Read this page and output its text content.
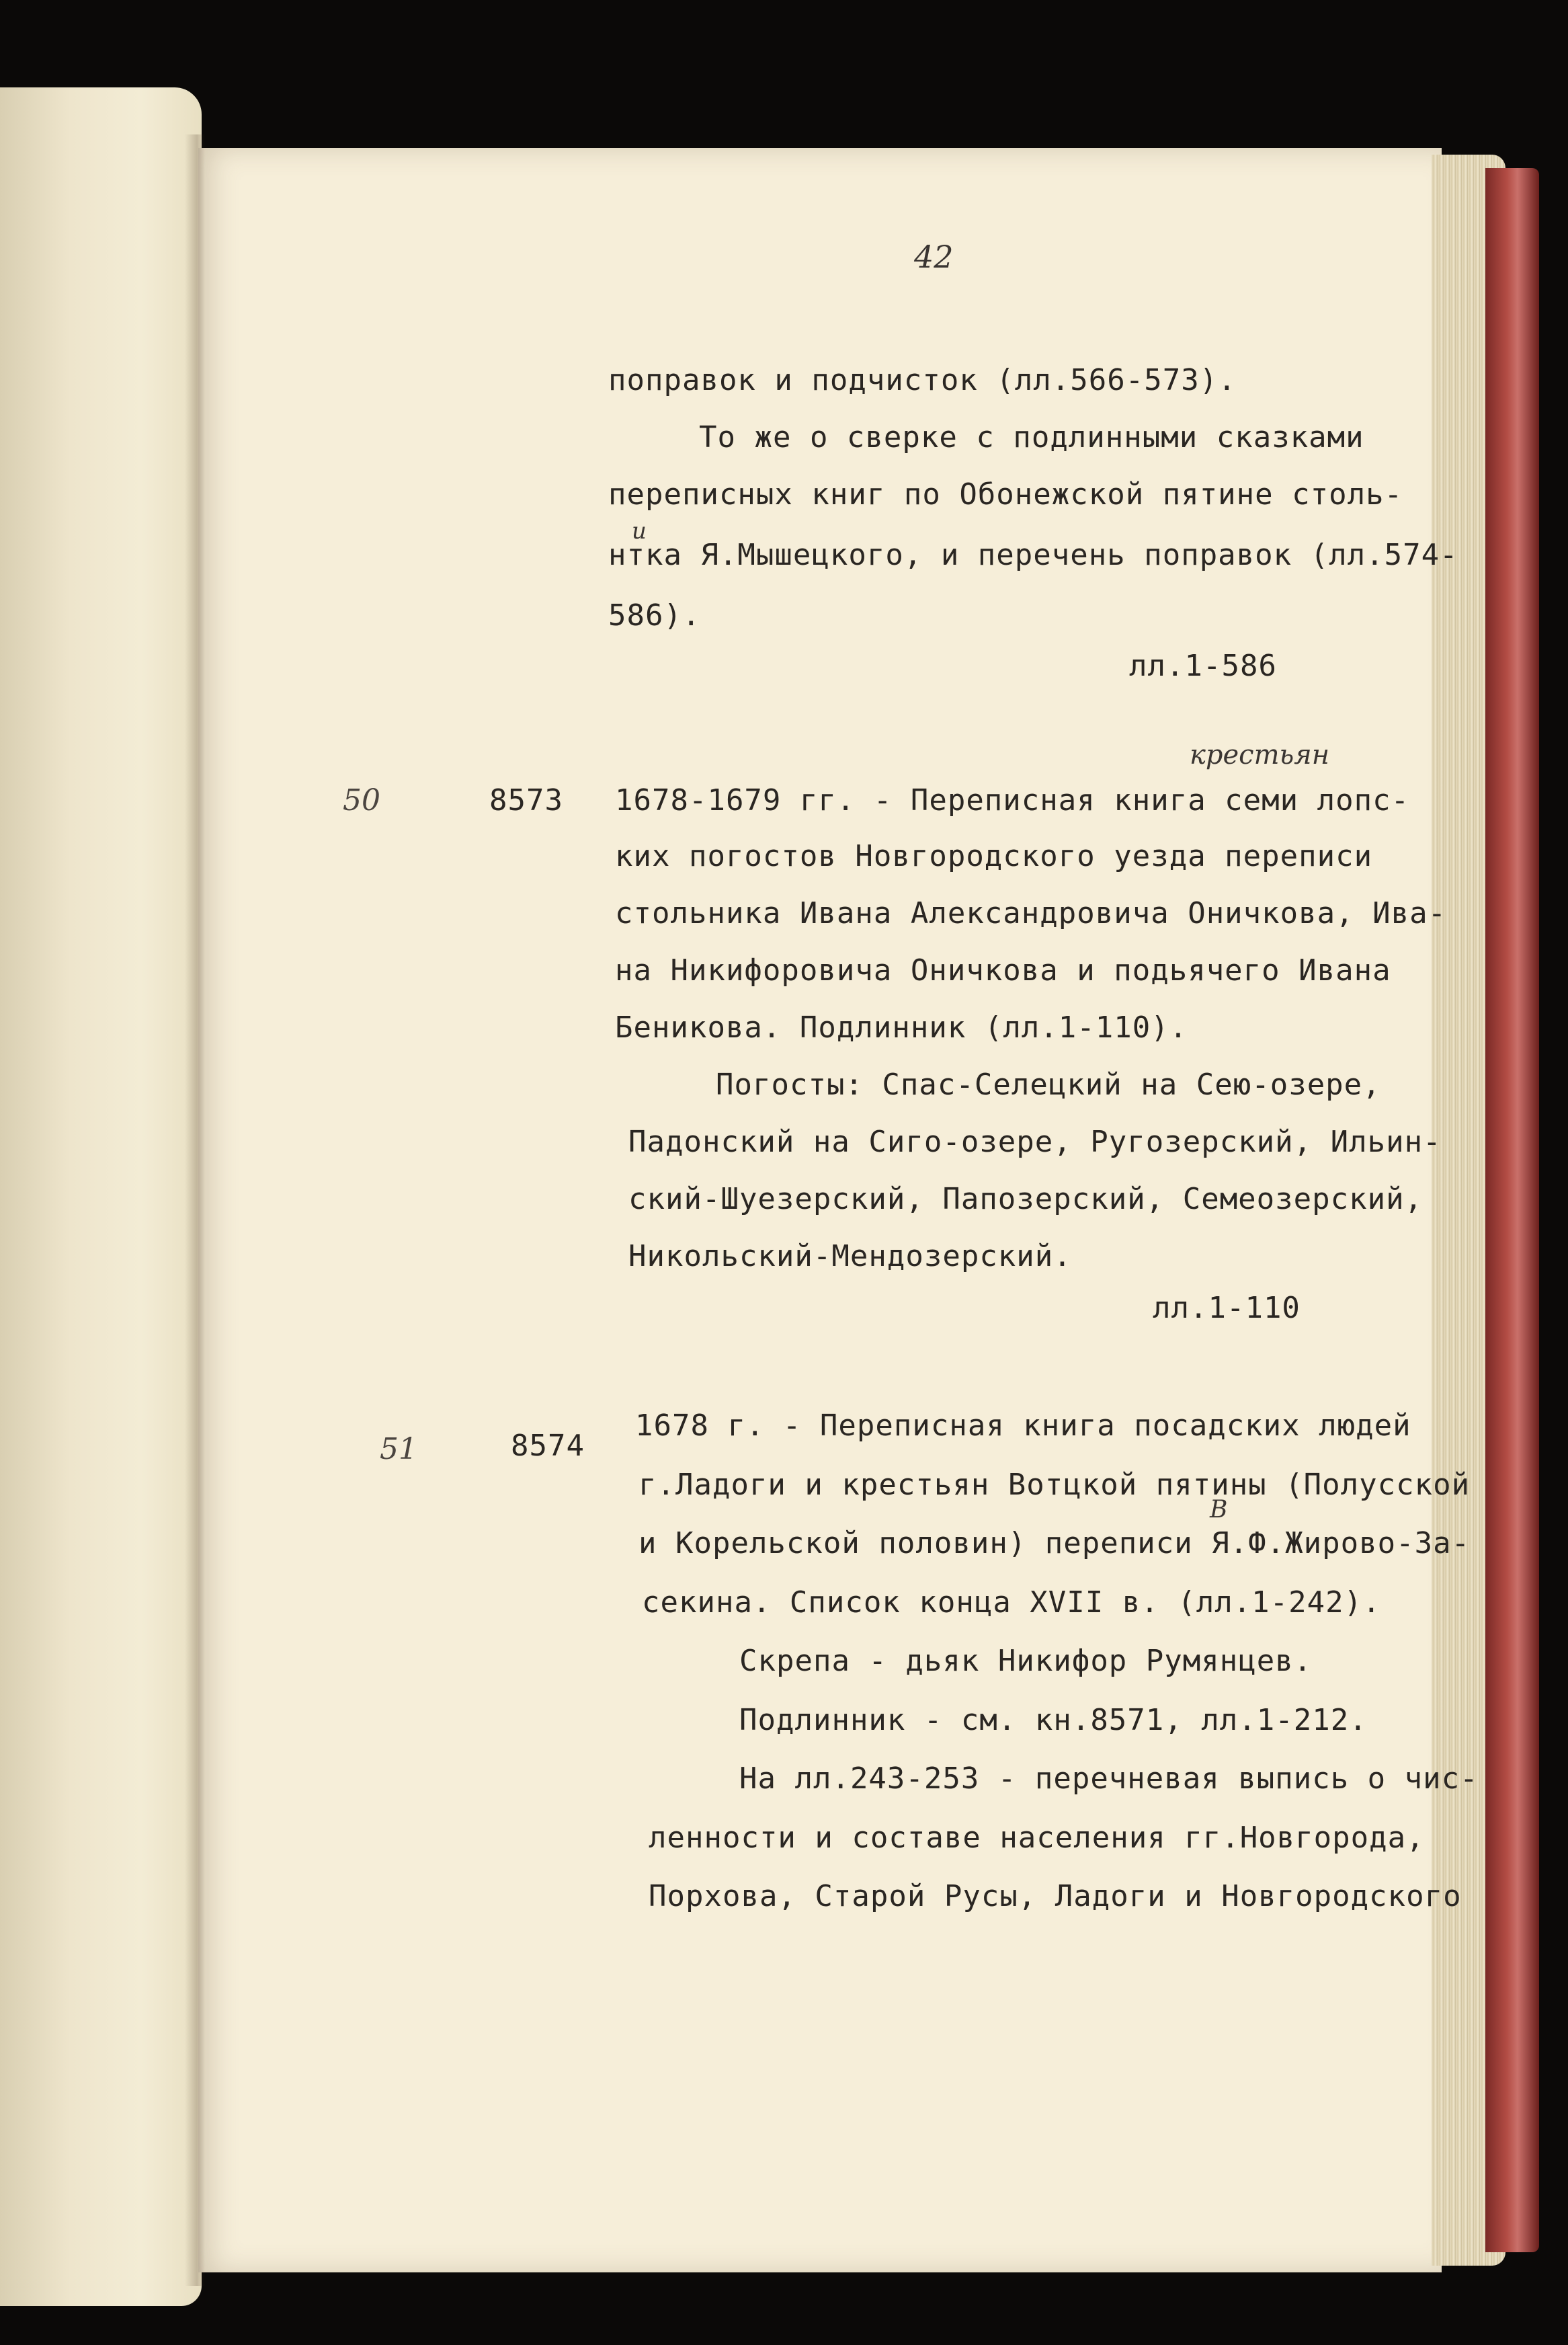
42
поправок и подчисток (лл.566-573).
То же о сверке с подлинными сказками
переписных книг по Обонежской пятине столь-
и
нтка Я.Мышецкого, и перечень поправок (лл.574-
586).
лл.1-586
50	8573
крестьян
1678-1679 гг. - Переписная книга семи лопс-
ких погостов Новгородского уезда переписи
стольника Ивана Александровича Оничкова, Ива-
на Никифоровича Оничкова и подьячего Ивана
Беникова. Подлинник (лл.1-110).
Погосты: Спас-Селецкий на Сею-озере,
Падонский на Сиго-озере, Ругозерский, Ильин-
ский-Шуезерский, Папозерский, Семеозерский,
Никольский-Мендозерский.
лл.1-110
51	8574
В
1678 г. - Переписная книга посадских людей
г.Ладоги и крестьян Вотцкой пятины (Полусской
и Корельской половин) переписи Я.Ф.Жирово-За-
секина. Список конца XVII в. (лл.1-242).
Скрепа - дьяк Никифор Румянцев.
Подлинник - см. кн.8571, лл.1-212.
На лл.243-253 - перечневая выпись о чис-
ленности и составе населения гг.Новгорода,
Порхова, Старой Русы, Ладоги и Новгородского
